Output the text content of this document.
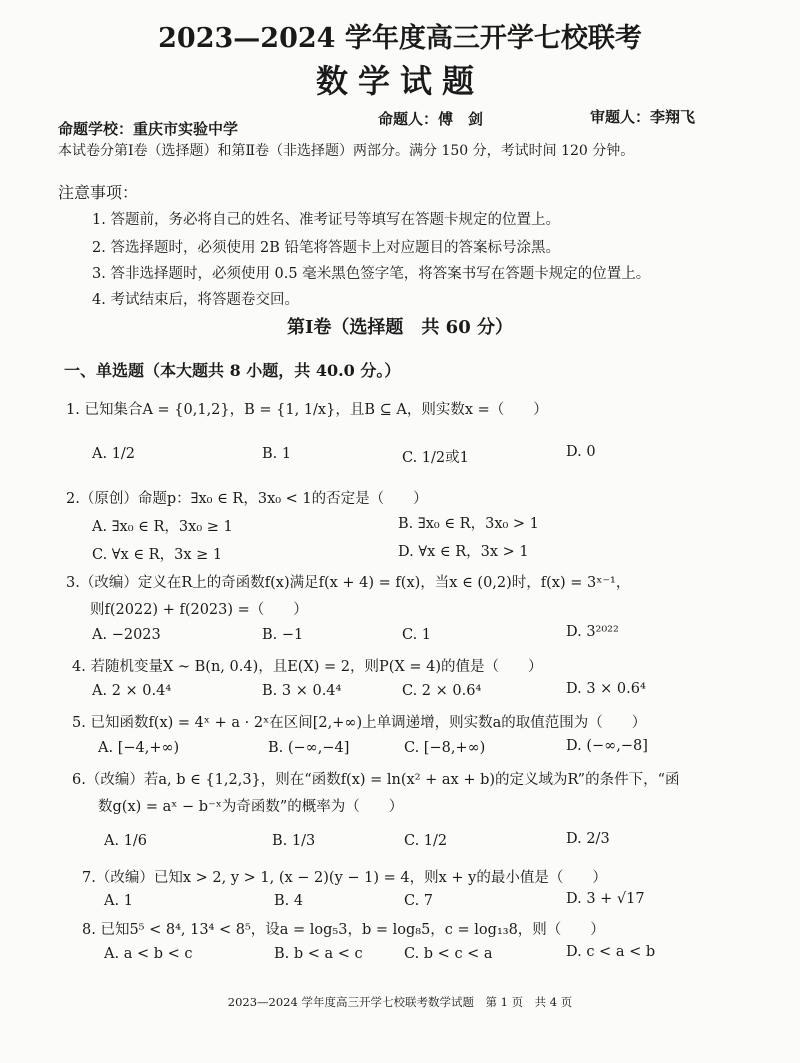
2023—2024 学年度高三开学七校联考
数学试题
命题学校：重庆市实验中学
命题人：傅　剑	审题人：李翔飞
本试卷分第Ⅰ卷（选择题）和第Ⅱ卷（非选择题）两部分。满分 150 分，考试时间 120 分钟。
注意事项：
1. 答题前，务必将自己的姓名、准考证号等填写在答题卡规定的位置上。
2. 答选择题时，必须使用 2B 铅笔将答题卡上对应题目的答案标号涂黑。
3. 答非选择题时，必须使用 0.5 毫米黑色签字笔，将答案书写在答题卡规定的位置上。
4. 考试结束后，将答题卷交回。
第Ⅰ卷（选择题　共 60 分）
一、单选题（本大题共 8 小题，共 40.0 分。）
1. 已知集合A = {0,1,2}，B = {1, 1/x}，且B ⊆ A，则实数x =（　　）
A. 1/2	B. 1	C. 1/2或1	D. 0
2.（原创）命题p：∃x₀ ∈ R，3x₀ < 1的否定是（　　）
A. ∃x₀ ∈ R，3x₀ ≥ 1	B. ∃x₀ ∈ R，3x₀ > 1
C. ∀x ∈ R，3x ≥ 1	D. ∀x ∈ R，3x > 1
3.（改编）定义在R上的奇函数f(x)满足f(x + 4) = f(x)，当x ∈ (0,2)时，f(x) = 3ˣ⁻¹，
则f(2022) + f(2023) =（　　）
A. −2023	B. −1	C. 1	D. 3²⁰²²
4. 若随机变量X ~ B(n, 0.4)，且E(X) = 2，则P(X = 4)的值是（　　）
A. 2 × 0.4⁴	B. 3 × 0.4⁴	C. 2 × 0.6⁴	D. 3 × 0.6⁴
5. 已知函数f(x) = 4ˣ + a · 2ˣ在区间[2,+∞)上单调递增，则实数a的取值范围为（　　）
A. [−4,+∞)	B. (−∞,−4]	C. [−8,+∞)	D. (−∞,−8]
6.（改编）若a, b ∈ {1,2,3}，则在“函数f(x) = ln(x² + ax + b)的定义域为R”的条件下，“函
数g(x) = aˣ − b⁻ˣ为奇函数”的概率为（　　）
A. 1/6	B. 1/3	C. 1/2	D. 2/3
7.（改编）已知x > 2, y > 1, (x − 2)(y − 1) = 4，则x + y的最小值是（　　）
A. 1	B. 4	C. 7	D. 3 + √17
8. 已知5⁵ < 8⁴, 13⁴ < 8⁵，设a = log₅3，b = log₈5，c = log₁₃8，则（　　）
A. a < b < c	B. b < a < c	C. b < c < a	D. c < a < b
2023—2024 学年度高三开学七校联考数学试题　第 1 页　共 4 页
